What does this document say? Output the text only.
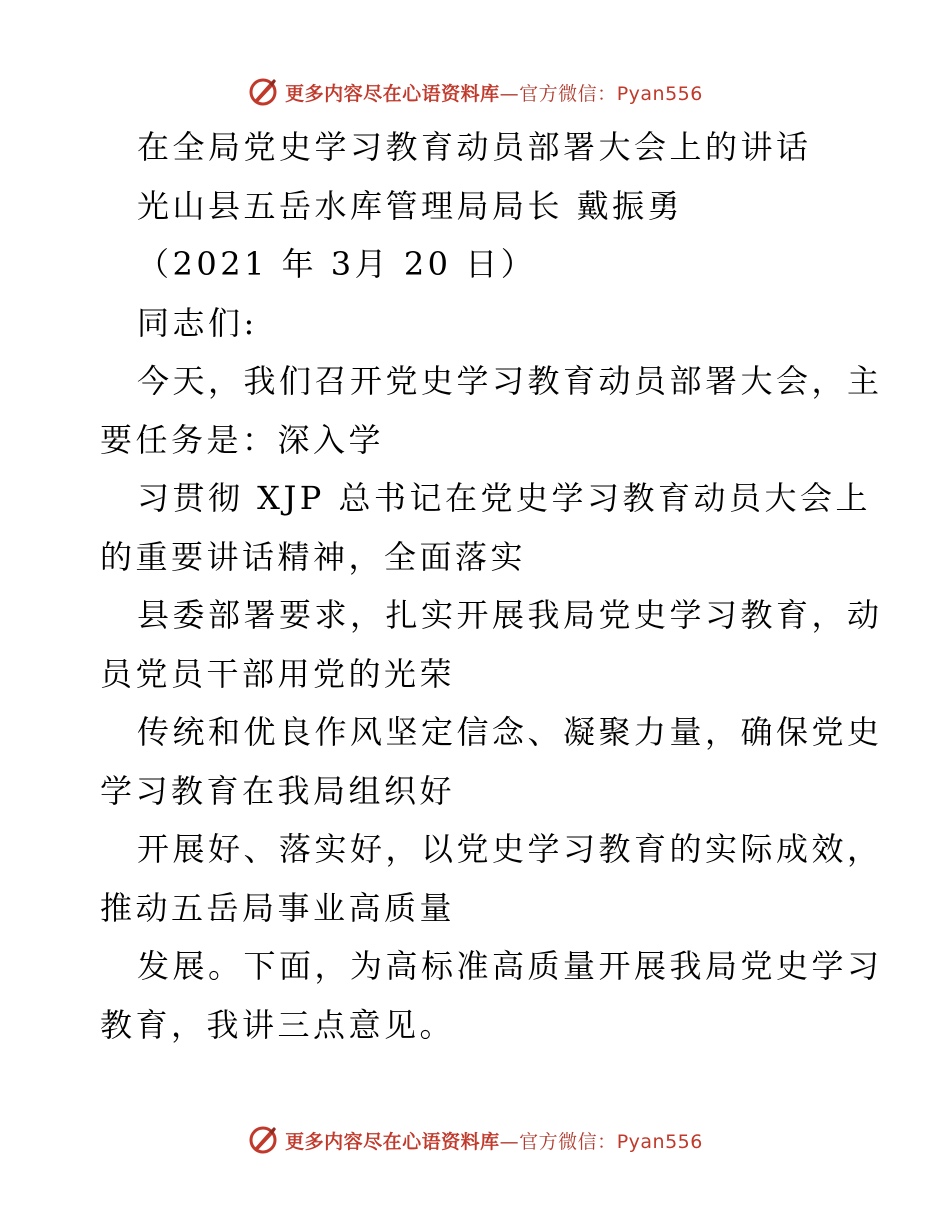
更多内容尽在心语资料库—官方微信：Pyan556
在全局党史学习教育动员部署大会上的讲话
光山县五岳水库管理局局长 戴振勇
（2021 年 3月 20 日）
同志们:
今天，我们召开党史学习教育动员部署大会，主
要任务是：深入学
习贯彻 XJP 总书记在党史学习教育动员大会上
的重要讲话精神，全面落实
县委部署要求，扎实开展我局党史学习教育，动
员党员干部用党的光荣
传统和优良作风坚定信念、凝聚力量，确保党史
学习教育在我局组织好
开展好、落实好，以党史学习教育的实际成效，
推动五岳局事业高质量
发展。下面，为高标准高质量开展我局党史学习
教育，我讲三点意见。
更多内容尽在心语资料库—官方微信：Pyan556
